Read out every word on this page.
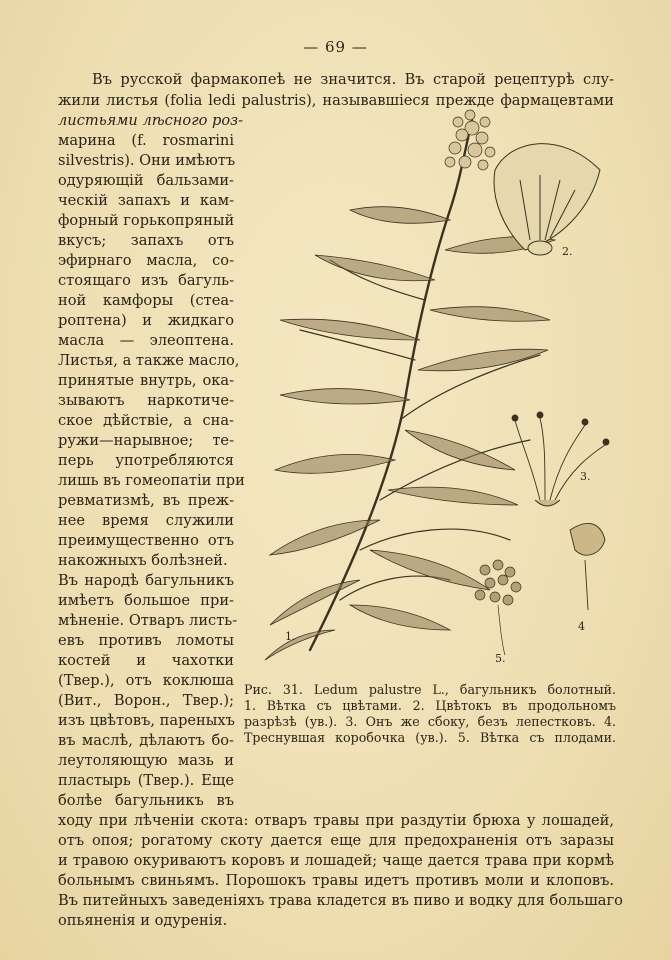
— 69 —
Въ русской фармакопеѣ не значится. Въ старой рецептурѣ слу-
жили листья (folia ledi palustris), называвшіеся прежде фармацевтами
листьями лѣсного роз-
марина (f. rosmarini
silvestris). Они имѣютъ
одуряющій бальзами-
ческій запахъ и кам-
форный горькопряный
вкусъ; запахъ отъ
эфирнаго масла, со-
стоящаго изъ багуль-
ной камфоры (стеа-
роптена) и жидкаго
масла — элеоптена.
Листья, а также масло,
принятые внутрь, ока-
зываютъ наркотиче-
ское дѣйствіе, а сна-
ружи—нарывное; те-
перь употребляются
лишь въ гомеопатіи при
ревматизмѣ, въ преж-
нее время служили
преимущественно отъ
накожныхъ болѣзней.
Въ народѣ багульникъ
имѣетъ большое при-
мѣненіе. Отваръ листь-
евъ противъ ломоты
костей и чахотки
(Твер.), отъ коклюша
(Вит., Ворон., Твер.);
изъ цвѣтовъ, пареныхъ
въ маслѣ, дѣлаютъ бо-
леутоляющую мазь и
пластырь (Твер.). Еще
болѣе багульникъ въ
ходу при лѣченіи скота: отваръ травы при раздутіи брюха у лошадей,
отъ опоя; рогатому скоту дается еще для предохраненія отъ заразы
и травою окуриваютъ коровъ и лошадей; чаще дается трава при кормѣ
больнымъ свиньямъ. Порошокъ травы идетъ противъ моли и клоповъ.
Въ питейныхъ заведеніяхъ трава кладется въ пиво и водку для большаго
опьяненія и одуренія.
1.
2.
3.
4
5.
Рис. 31. Ledum palustre L., багульникъ болотный.
1. Вѣтка съ цвѣтами. 2. Цвѣтокъ въ продольномъ
разрѣзѣ (ув.). 3. Онъ же сбоку, безъ лепестковъ. 4.
Треснувшая коробочка (ув.). 5. Вѣтка съ плодами.
